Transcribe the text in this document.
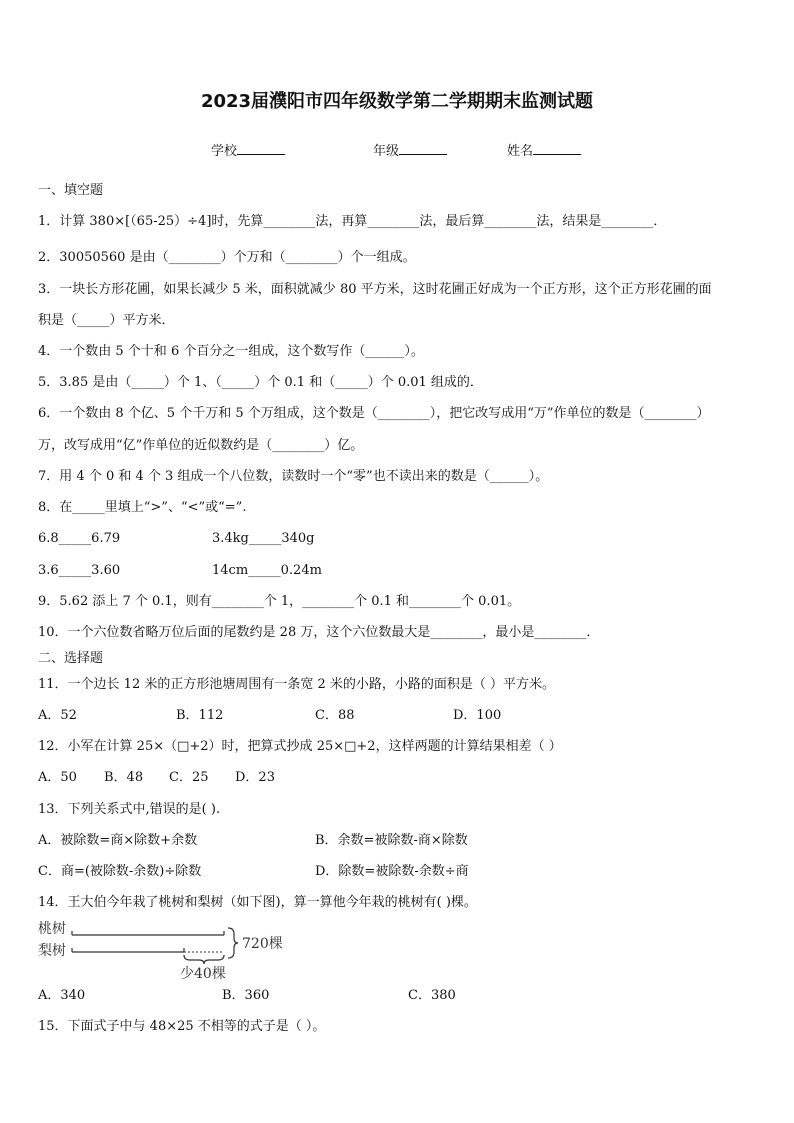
2023届濮阳市四年级数学第二学期期末监测试题
学校	年级	姓名
一、填空题
1．计算 380×[（65-25）÷4]时，先算________法，再算________法，最后算________法，结果是________．
2．30050560 是由（________）个万和（________）个一组成。
3．一块长方形花圃，如果长减少 5 米，面积就减少 80 平方米，这时花圃正好成为一个正方形，这个正方形花圃的面
积是（_____）平方米．
4．一个数由 5 个十和 6 个百分之一组成，这个数写作（______）。
5．3.85 是由（_____）个 1、（_____）个 0.1 和（_____）个 0.01 组成的．
6．一个数由 8 个亿、5 个千万和 5 个万组成，这个数是（________），把它改写成用“万”作单位的数是（________）
万，改写成用“亿”作单位的近似数约是（________）亿。
7．用 4 个 0 和 4 个 3 组成一个八位数，读数时一个“零”也不读出来的数是（______）。
8．在_____里填上“>”、“<”或“=”.
6.8_____6.79	3.4kg_____340g
3.6_____3.60	14cm_____0.24m
9．5.62 添上 7 个 0.1，则有________个 1，________个 0.1 和________个 0.01。
10．一个六位数省略万位后面的尾数约是 28 万，这个六位数最大是________，最小是________．
二、选择题
11．一个边长 12 米的正方形池塘周围有一条宽 2 米的小路，小路的面积是（ ）平方米。
A．52	B．112	C．88	D．100
12．小军在计算 25×（□+2）时，把算式抄成 25×□+2，这样两题的计算结果相差（ ）
A．50 B．48 C．25 D．23
13．下列关系式中,错误的是( ).
A．被除数=商×除数+余数	B．余数=被除数-商×除数
C．商=(被除数-余数)÷除数	D．除数=被除数-余数÷商
14．王大伯今年栽了桃树和梨树（如下图)，算一算他今年栽的桃树有( )棵。
桃树
梨树	720棵
少40棵
A．340	B．360	C．380
15．下面式子中与 48×25 不相等的式子是（ ）。
